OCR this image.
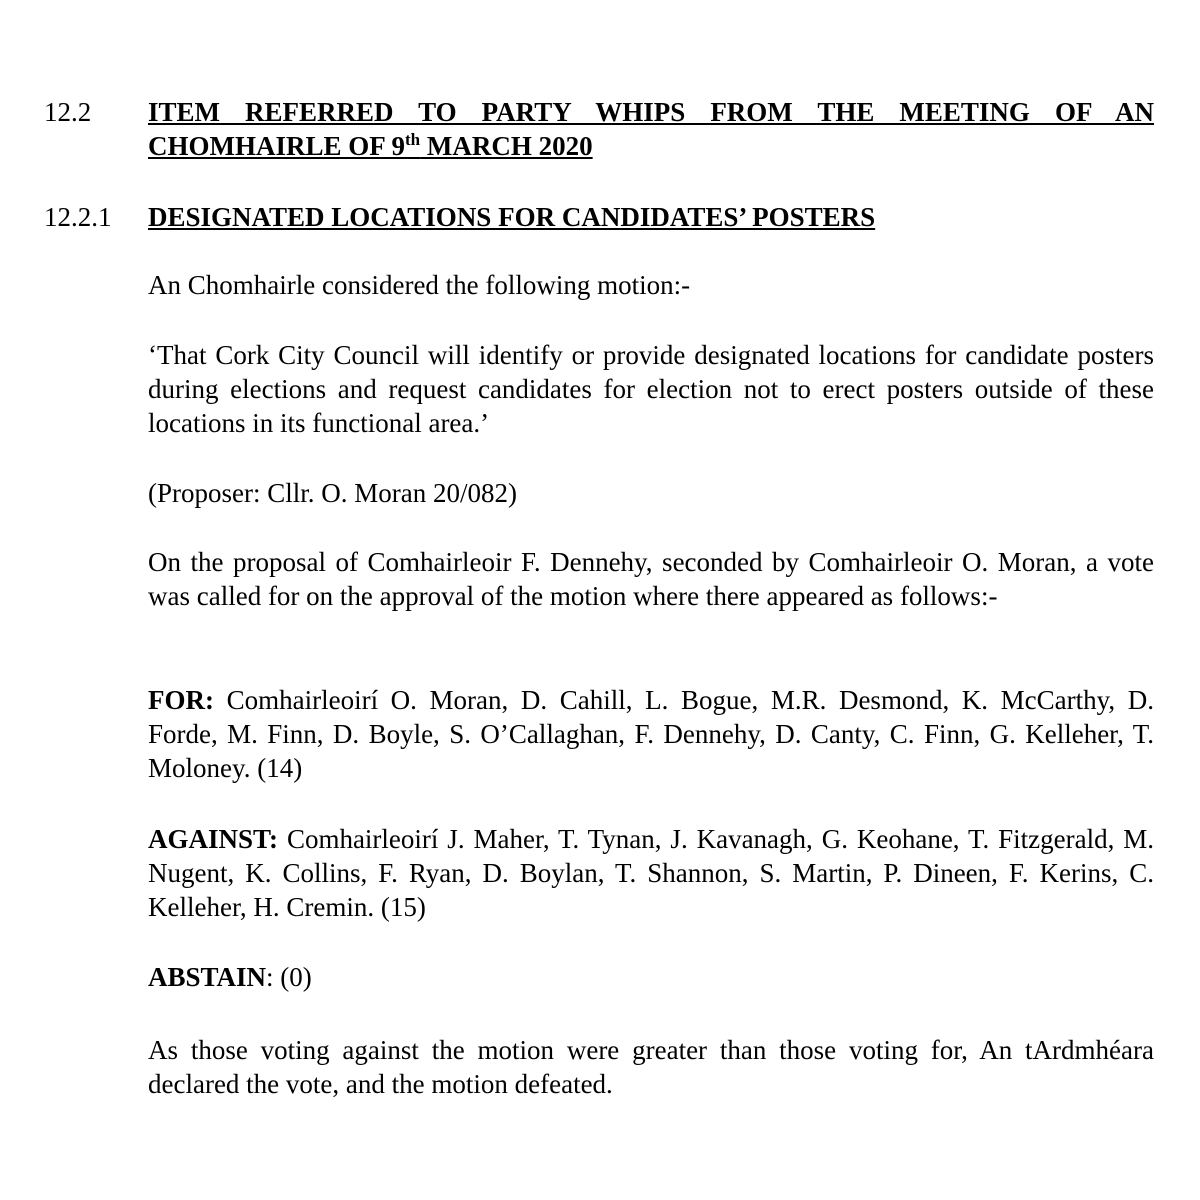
12.2 ITEM REFERRED TO PARTY WHIPS FROM THE MEETING OF AN
CHOMHAIRLE OF 9th MARCH 2020
12.2.1 DESIGNATED LOCATIONS FOR CANDIDATES’ POSTERS
An Chomhairle considered the following motion:-
‘That Cork City Council will identify or provide designated locations for candidate posters during elections and request candidates for election not to erect posters outside of these locations in its functional area.’
(Proposer: Cllr. O. Moran 20/082)
On the proposal of Comhairleoir F. Dennehy, seconded by Comhairleoir O. Moran, a vote was called for on the approval of the motion where there appeared as follows:-
FOR: Comhairleoirí O. Moran, D. Cahill, L. Bogue, M.R. Desmond, K. McCarthy, D. Forde, M. Finn, D. Boyle, S. O’Callaghan, F. Dennehy, D. Canty, C. Finn, G. Kelleher, T. Moloney. (14)
AGAINST: Comhairleoirí J. Maher, T. Tynan, J. Kavanagh, G. Keohane, T. Fitzgerald, M. Nugent, K. Collins, F. Ryan, D. Boylan, T. Shannon, S. Martin, P. Dineen, F. Kerins, C. Kelleher, H. Cremin. (15)
ABSTAIN: (0)
As those voting against the motion were greater than those voting for, An tArdmhéara declared the vote, and the motion defeated.
